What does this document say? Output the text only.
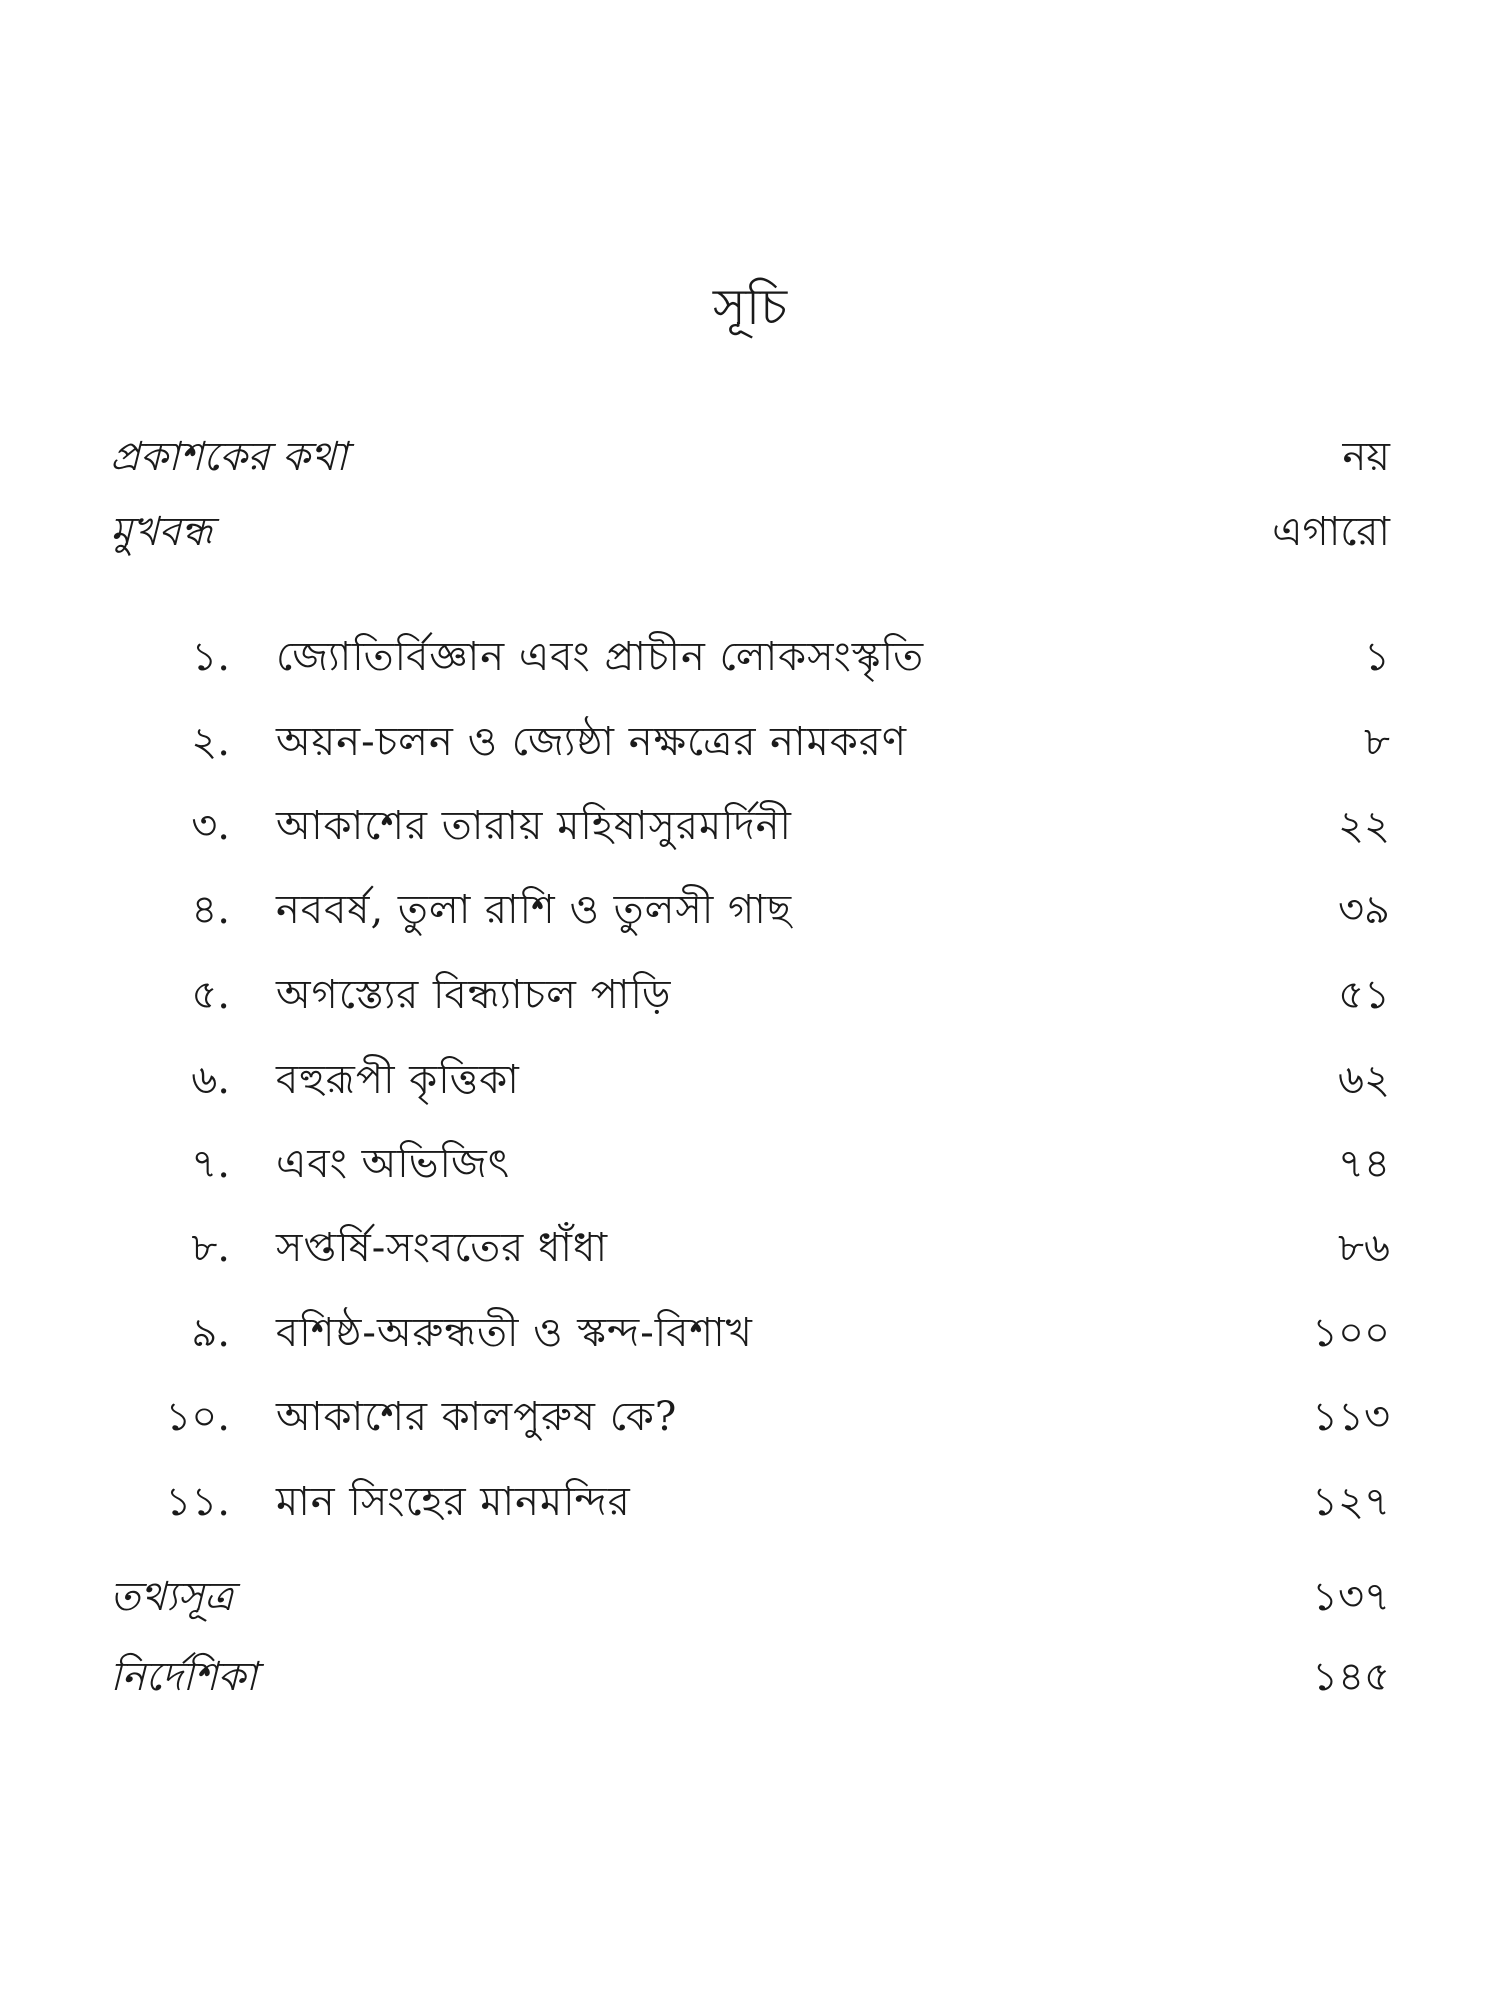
সূচি
প্রকাশকের কথা	নয়
মুখবন্ধ	এগারো
১. জ্যোতির্বিজ্ঞান এবং প্রাচীন লোকসংস্কৃতি	১
২. অয়ন-চলন ও জ্যেষ্ঠা নক্ষত্রের নামকরণ	৮
৩. আকাশের তারায় মহিষাসুরমর্দিনী	২২
৪. নববর্ষ, তুলা রাশি ও তুলসী গাছ	৩৯
৫. অগস্ত্যের বিন্ধ্যাচল পাড়ি	৫১
৬. বহুরূপী কৃত্তিকা	৬২
৭. এবং অভিজিৎ	৭৪
৮. সপ্তর্ষি-সংবতের ধাঁধা	৮৬
৯. বশিষ্ঠ-অরুন্ধতী ও স্কন্দ-বিশাখ	১০০
১০. আকাশের কালপুরুষ কে?	১১৩
১১. মান সিংহের মানমন্দির	১২৭
তথ্যসূত্র	১৩৭
নির্দেশিকা	১৪৫
